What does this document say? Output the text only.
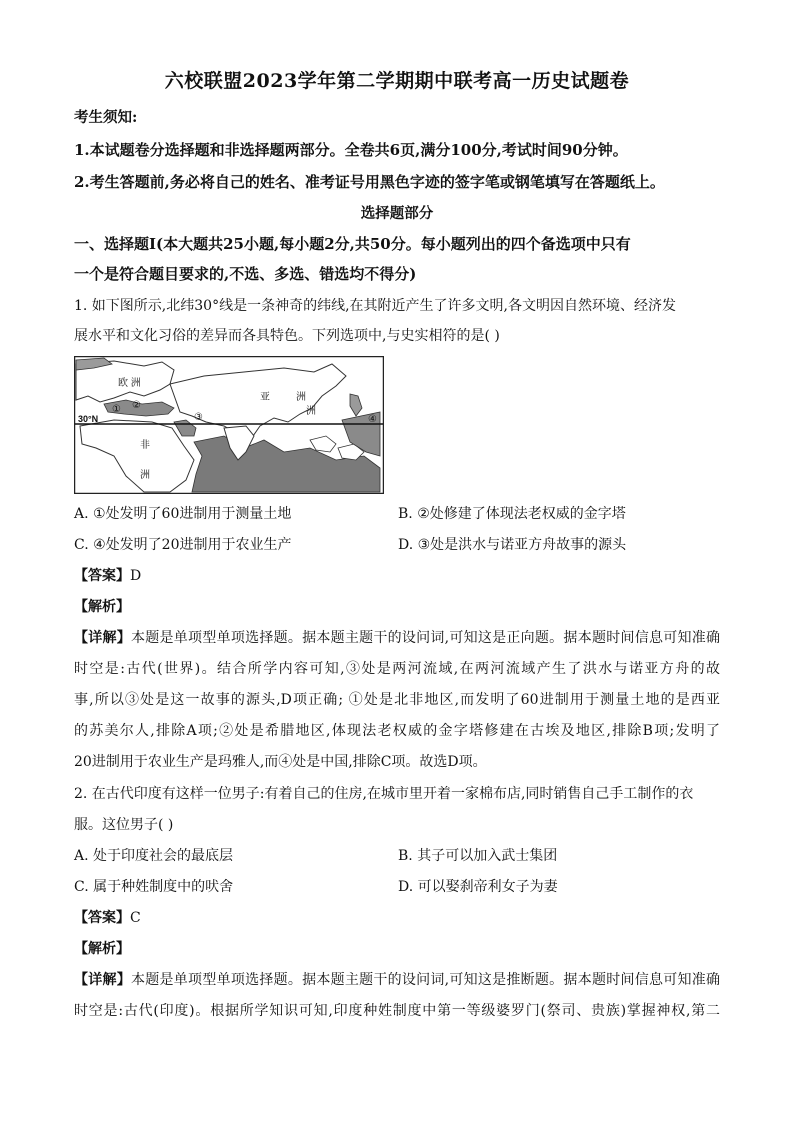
六校联盟2023学年第二学期期中联考高一历史试题卷
考生须知:
1.本试题卷分选择题和非选择题两部分。全卷共6页,满分100分,考试时间90分钟。
2.考生答题前,务必将自己的姓名、准考证号用黑色字迹的签字笔或钢笔填写在答题纸上。
选择题部分
一、选择题Ⅰ(本大题共25小题,每小题2分,共50分。每小题列出的四个备选项中只有
一个是符合题目要求的,不选、多选、错选均不得分)
1. 如下图所示,北纬30°线是一条神奇的纬线,在其附近产生了许多文明,各文明因自然环境、经济发
展水平和文化习俗的差异而各具特色。下列选项中,与史实相符的是( )
欧 洲
亚	洲
洲
非
洲
30°N
① ②
③	④
A. ①处发明了60进制用于测量土地	B. ②处修建了体现法老权威的金字塔
C. ④处发明了20进制用于农业生产	D. ③处是洪水与诺亚方舟故事的源头
【答案】D
【解析】
【详解】本题是单项型单项选择题。据本题主题干的设问词,可知这是正向题。据本题时间信息可知准确
时空是:古代(世界)。结合所学内容可知,③处是两河流域,在两河流域产生了洪水与诺亚方舟的故
事,所以③处是这一故事的源头,D项正确; ①处是北非地区,而发明了60进制用于测量土地的是西亚
的苏美尔人,排除A项;②处是希腊地区,体现法老权威的金字塔修建在古埃及地区,排除B项;发明了
20进制用于农业生产是玛雅人,而④处是中国,排除C项。故选D项。
2. 在古代印度有这样一位男子:有着自己的住房,在城市里开着一家棉布店,同时销售自己手工制作的衣
服。这位男子( )
A. 处于印度社会的最底层	B. 其子可以加入武士集团
C. 属于种姓制度中的吠舍	D. 可以娶刹帝利女子为妻
【答案】C
【解析】
【详解】本题是单项型单项选择题。据本题主题干的设问词,可知这是推断题。据本题时间信息可知准确
时空是:古代(印度)。根据所学知识可知,印度种姓制度中第一等级婆罗门(祭司、贵族)掌握神权,第二
